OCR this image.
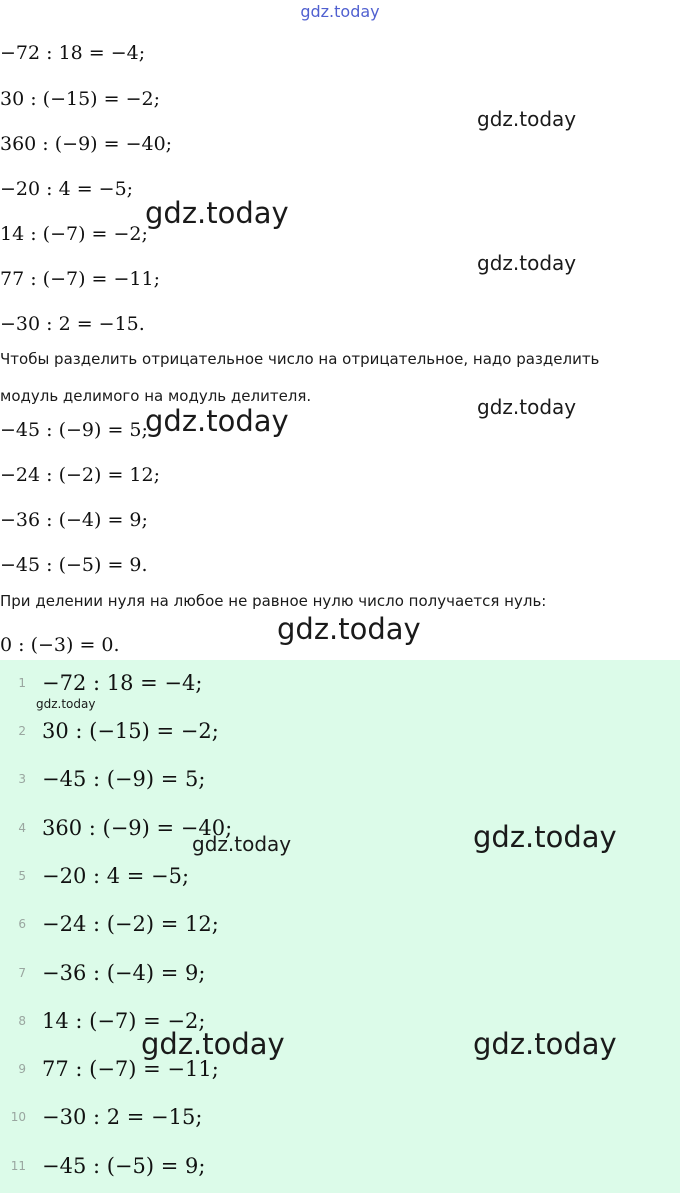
gdz.today
−72 : 18 = −4;
30 : (−15) = −2;
360 : (−9) = −40;
−20 : 4 = −5;
14 : (−7) = −2;
77 : (−7) = −11;
−30 : 2 = −15.
Чтобы разделить отрицательное число на отрицательное, надо разделить
модуль делимого на модуль делителя.
−45 : (−9) = 5;
−24 : (−2) = 12;
−36 : (−4) = 9;
−45 : (−5) = 9.
При делении нуля на любое не равное нулю число получается нуль:
0 : (−3) = 0.
1 −72 : 18 = −4;
2 30 : (−15) = −2;
3 −45 : (−9) = 5;
4 360 : (−9) = −40;
5 −20 : 4 = −5;
6 −24 : (−2) = 12;
7 −36 : (−4) = 9;
8 14 : (−7) = −2;
9 77 : (−7) = −11;
10 −30 : 2 = −15;
11 −45 : (−5) = 9;
gdz.today
gdz.today
gdz.today
gdz.today	gdz.today
gdz.today
gdz.today
gdz.today
gdz.today
gdz.today	gdz.today
